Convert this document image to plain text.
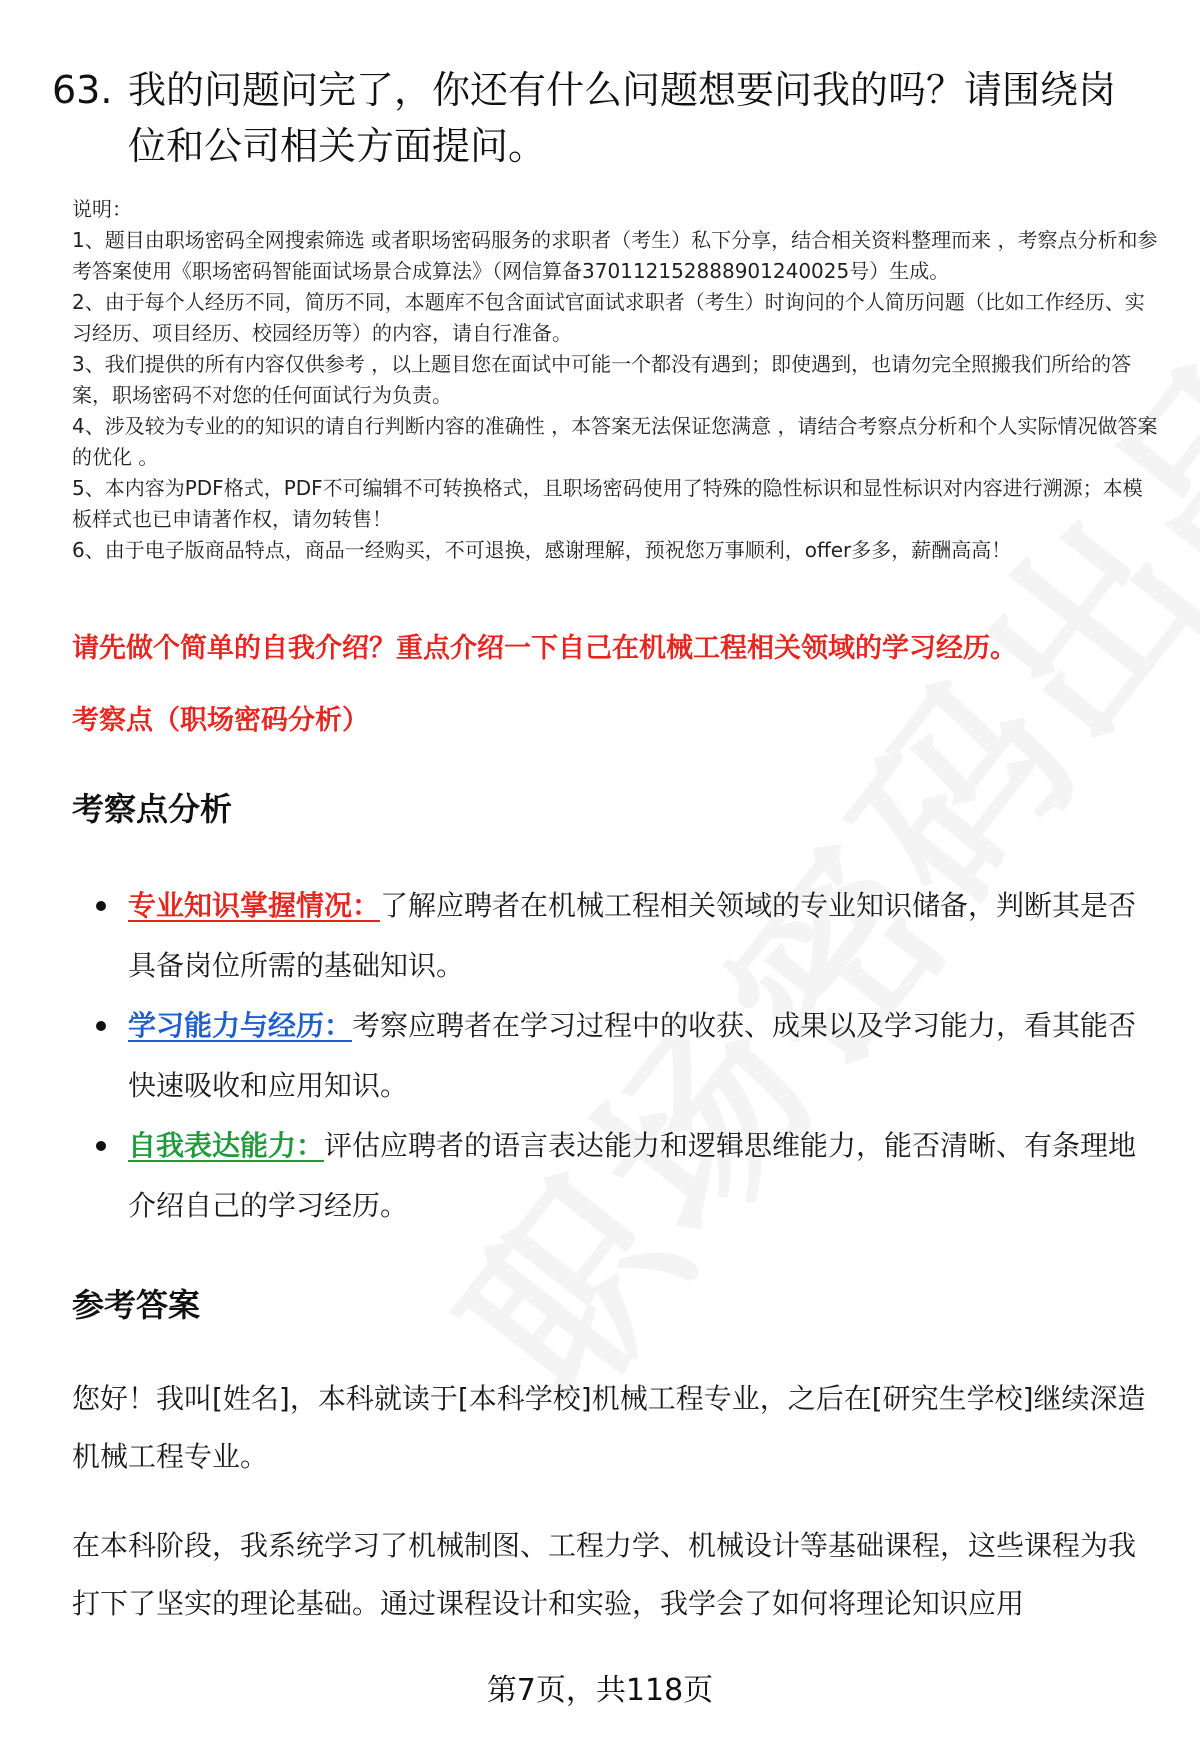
63. 我的问题问完了，你还有什么问题想要问我的吗？请围绕岗位和公司相关方面提问。
说明：
1、题目由职场密码全网搜索筛选 或者职场密码服务的求职者（考生）私下分享，结合相关资料整理而来 ，考察点分析和参考答案使用《职场密码智能面试场景合成算法》（网信算备370112152888901240025号）生成。
2、由于每个人经历不同，简历不同，本题库不包含面试官面试求职者（考生）时询问的个人简历问题（比如工作经历、实习经历、项目经历、校园经历等）的内容，请自行准备。
3、我们提供的所有内容仅供参考 ，以上题目您在面试中可能一个都没有遇到；即使遇到，也请勿完全照搬我们所给的答案，职场密码不对您的任何面试行为负责。
4、涉及较为专业的的知识的请自行判断内容的准确性 ，本答案无法保证您满意 ，请结合考察点分析和个人实际情况做答案的优化 。
5、本内容为PDF格式，PDF不可编辑不可转换格式，且职场密码使用了特殊的隐性标识和显性标识对内容进行溯源；本模板样式也已申请著作权，请勿转售！
6、由于电子版商品特点，商品一经购买，不可退换，感谢理解，预祝您万事顺利，offer多多，薪酬高高！
请先做个简单的自我介绍？重点介绍一下自己在机械工程相关领域的学习经历。
考察点（职场密码分析）
考察点分析
专业知识掌握情况：了解应聘者在机械工程相关领域的专业知识储备，判断其是否具备岗位所需的基础知识。
学习能力与经历：考察应聘者在学习过程中的收获、成果以及学习能力，看其能否快速吸收和应用知识。
自我表达能力：评估应聘者的语言表达能力和逻辑思维能力，能否清晰、有条理地介绍自己的学习经历。
参考答案
您好！我叫[姓名]，本科就读于[本科学校]机械工程专业，之后在[研究生学校]继续深造机械工程专业。
在本科阶段，我系统学习了机械制图、工程力学、机械设计等基础课程，这些课程为我打下了坚实的理论基础。通过课程设计和实验，我学会了如何将理论知识应用
第7页，共118页
